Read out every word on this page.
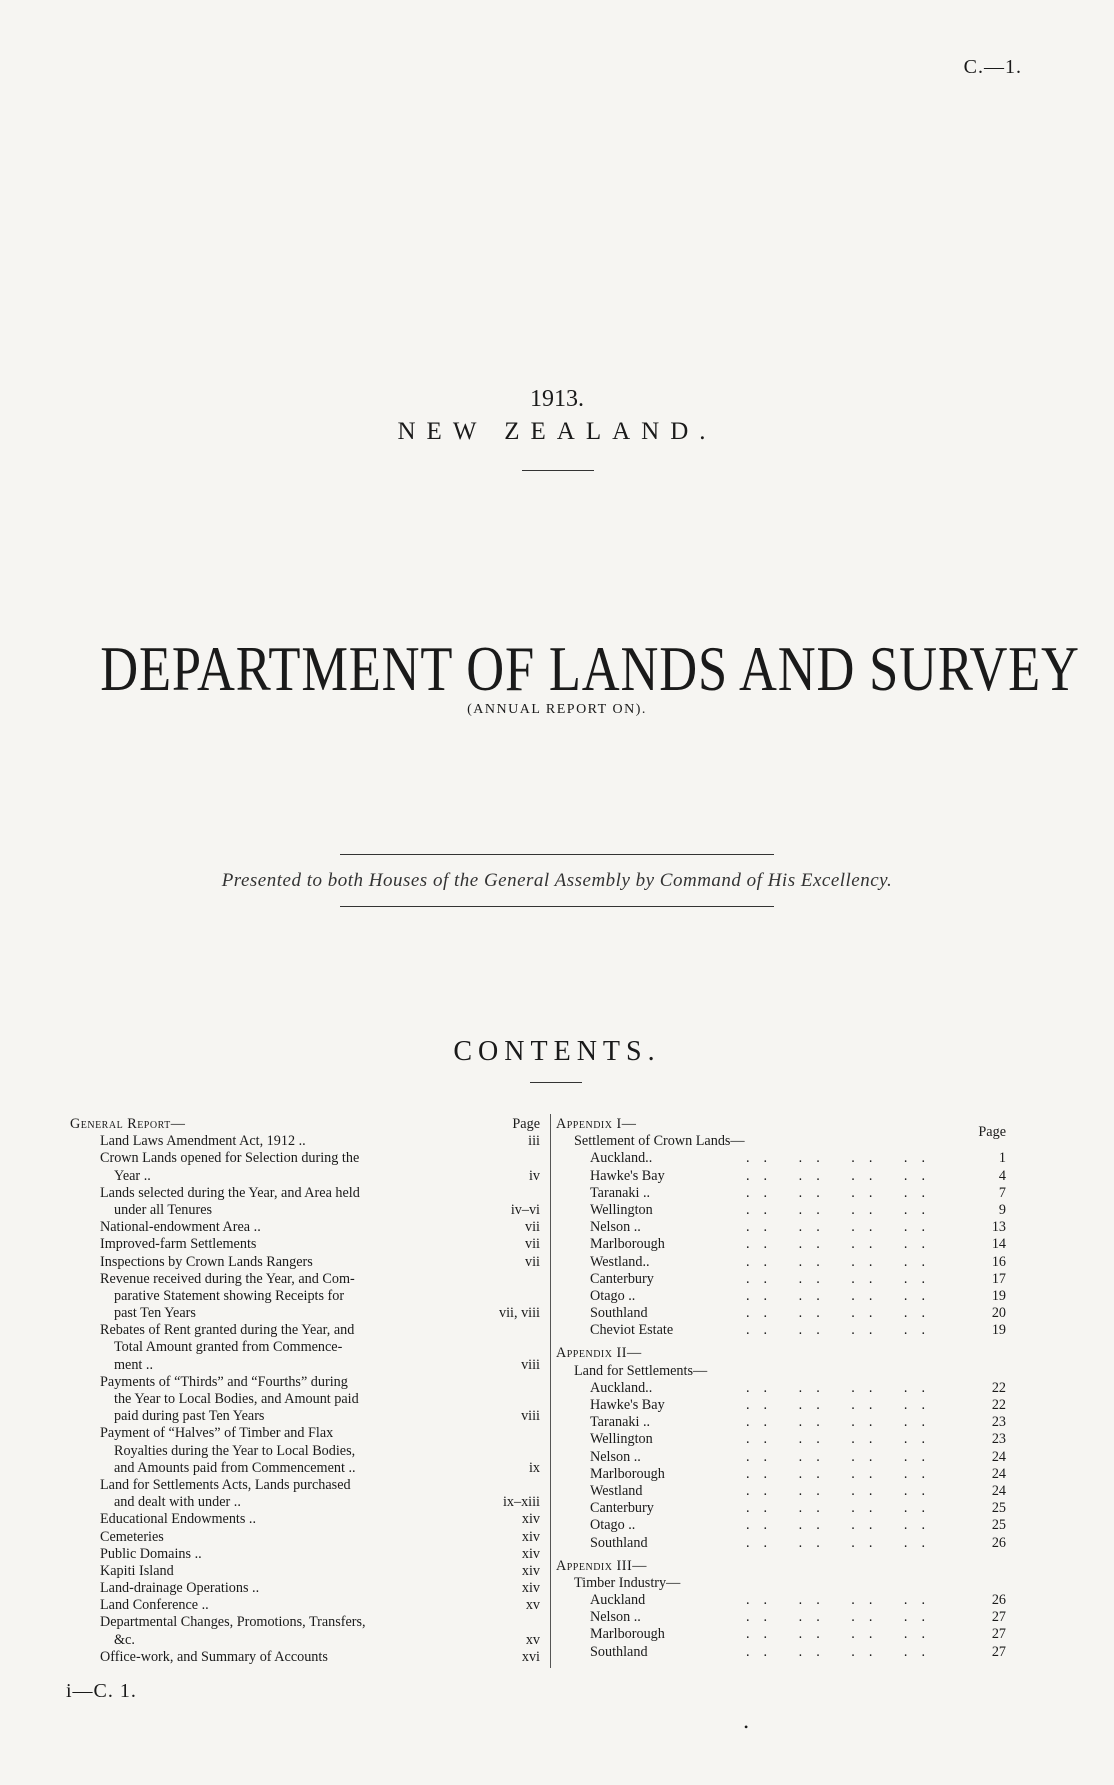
C.—1.
1913.
NEW ZEALAND.
DEPARTMENT OF LANDS AND SURVEY
(ANNUAL REPORT ON).
Presented to both Houses of the General Assembly by Command of His Excellency.
CONTENTS.
General Report—	Page
Land Laws Amendment Act, 1912 ..	iii
Crown Lands opened for Selection during the
Year ..	iv
Lands selected during the Year, and Area held
under all Tenures	iv–vi
National-endowment Area ..	vii
Improved-farm Settlements	vii
Inspections by Crown Lands Rangers	vii
Revenue received during the Year, and Com-
parative Statement showing Receipts for
past Ten Years	vii, viii
Rebates of Rent granted during the Year, and
Total Amount granted from Commence-
ment ..	viii
Payments of “Thirds” and “Fourths” during
the Year to Local Bodies, and Amount paid
paid during past Ten Years	viii
Payment of “Halves” of Timber and Flax
Royalties during the Year to Local Bodies,
and Amounts paid from Commencement ..	ix
Land for Settlements Acts, Lands purchased
and dealt with under ..	ix–xiii
Educational Endowments ..	xiv
Cemeteries	xiv
Public Domains ..	xiv
Kapiti Island	xiv
Land-drainage Operations ..	xiv
Land Conference ..	xv
Departmental Changes, Promotions, Transfers,
&c.	xv
Office-work, and Summary of Accounts	xvi
Appendix I—	Page
Settlement of Crown Lands—
Auckland..	.. .. .. ..	1
Hawke's Bay	.. .. .. ..	4
Taranaki ..	.. .. .. ..	7
Wellington	.. .. .. ..	9
Nelson ..	.. .. .. ..	13
Marlborough	.. .. .. ..	14
Westland..	.. .. .. ..	16
Canterbury	.. .. .. ..	17
Otago ..	.. .. .. ..	19
Southland	.. .. .. ..	20
Cheviot Estate	.. .. .. ..	19
Appendix II—
Land for Settlements—
Auckland..	.. .. .. ..	22
Hawke's Bay	.. .. .. ..	22
Taranaki ..	.. .. .. ..	23
Wellington	.. .. .. ..	23
Nelson ..	.. .. .. ..	24
Marlborough	.. .. .. ..	24
Westland	.. .. .. ..	24
Canterbury	.. .. .. ..	25
Otago ..	.. .. .. ..	25
Southland	.. .. .. ..	26
Appendix III—
Timber Industry—
Auckland	.. .. .. ..	26
Nelson ..	.. .. .. ..	27
Marlborough	.. .. .. ..	27
Southland	.. .. .. ..	27
i—C. 1.
•
